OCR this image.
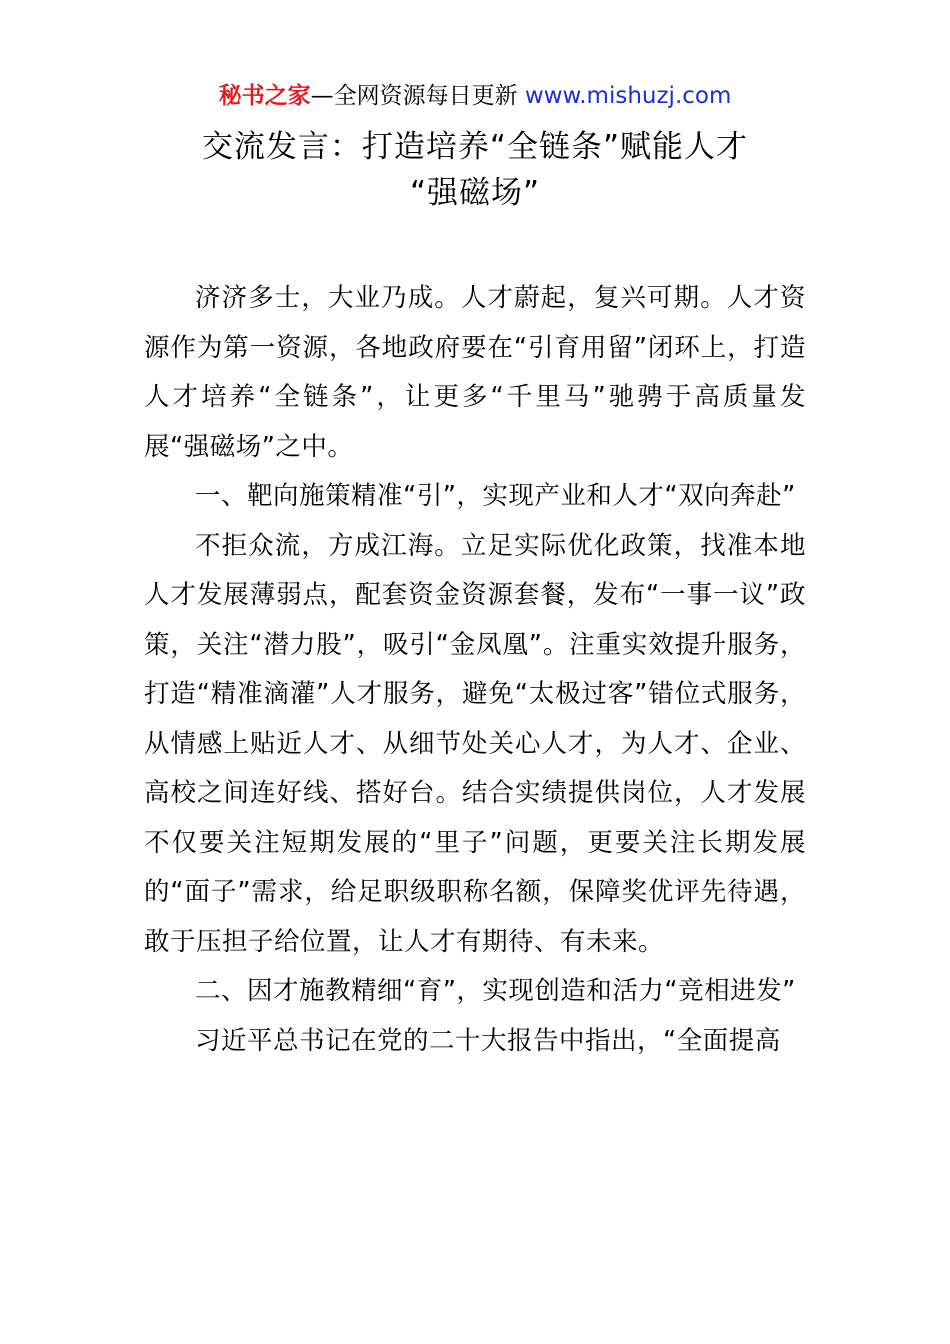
秘书之家—全网资源每日更新 www.mishuzj.com
交流发言：打造培养“全链条”赋能人才
“强磁场”

济济多士，大业乃成。人才蔚起，复兴可期。人才资源作为第一资源，各地政府要在“引育用留”闭环上，打造人才培养“全链条”，让更多“千里马”驰骋于高质量发展“强磁场”之中。

一、靶向施策精准“引”，实现产业和人才“双向奔赴”

不拒众流，方成江海。立足实际优化政策，找准本地人才发展薄弱点，配套资金资源套餐，发布“一事一议”政策，关注“潜力股”，吸引“金凤凰”。注重实效提升服务，打造“精准滴灌”人才服务，避免“太极过客”错位式服务，从情感上贴近人才、从细节处关心人才，为人才、企业、高校之间连好线、搭好台。结合实绩提供岗位，人才发展不仅要关注短期发展的“里子”问题，更要关注长期发展的“面子”需求，给足职级职称名额，保障奖优评先待遇，敢于压担子给位置，让人才有期待、有未来。

二、因才施教精细“育”，实现创造和活力“竞相进发”

习近平总书记在党的二十大报告中指出，“全面提高
